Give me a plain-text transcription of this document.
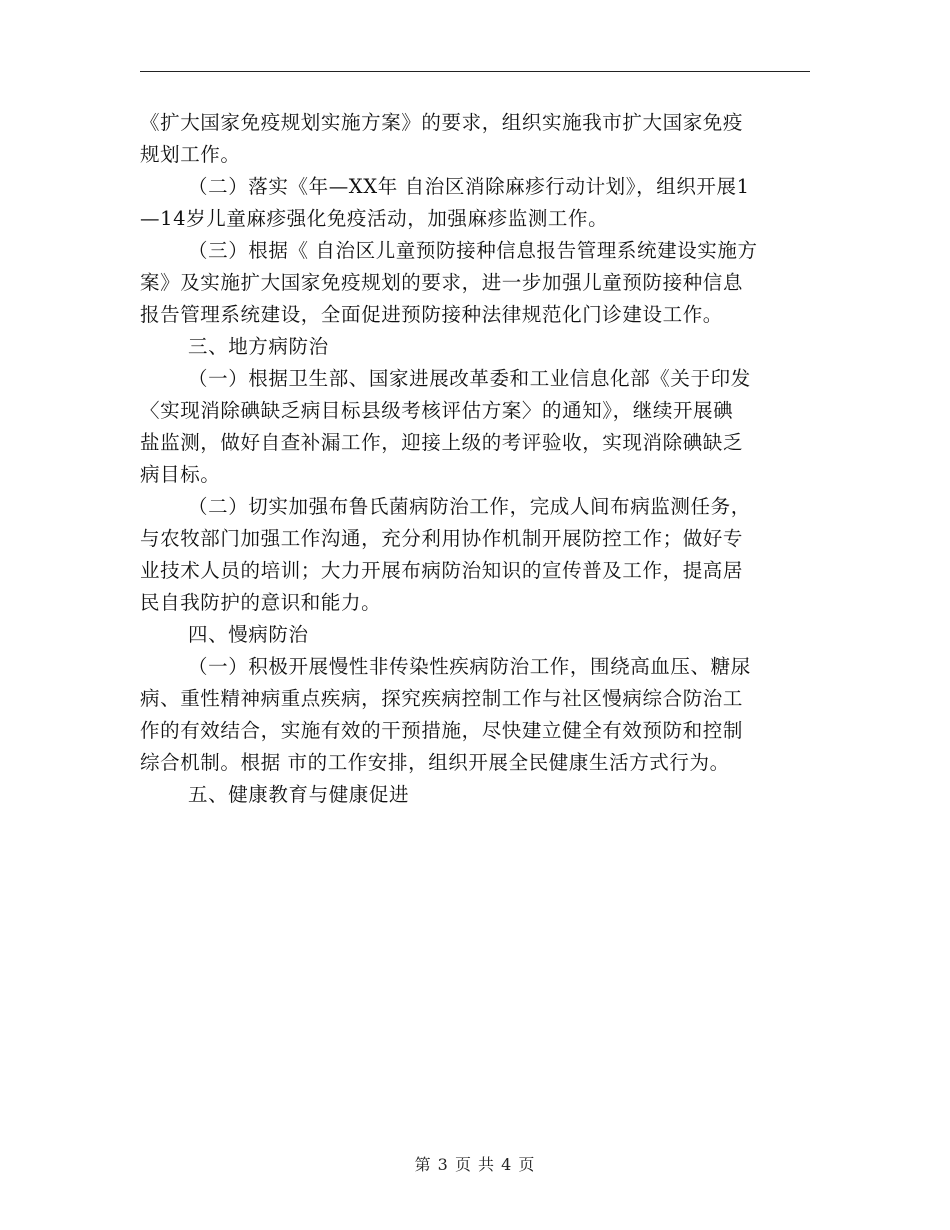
《扩大国家免疫规划实施方案》的要求，组织实施我市扩大国家免疫
规划工作。
（二）落实《年—XX年 自治区消除麻疹行动计划》，组织开展1
—14岁儿童麻疹强化免疫活动，加强麻疹监测工作。
（三）根据《 自治区儿童预防接种信息报告管理系统建设实施方
案》及实施扩大国家免疫规划的要求，进一步加强儿童预防接种信息
报告管理系统建设，全面促进预防接种法律规范化门诊建设工作。
三、地方病防治
（一）根据卫生部、国家进展改革委和工业信息化部《关于印发
〈实现消除碘缺乏病目标县级考核评估方案〉的通知》，继续开展碘
盐监测，做好自查补漏工作，迎接上级的考评验收，实现消除碘缺乏
病目标。
（二）切实加强布鲁氏菌病防治工作，完成人间布病监测任务，
与农牧部门加强工作沟通，充分利用协作机制开展防控工作；做好专
业技术人员的培训；大力开展布病防治知识的宣传普及工作，提高居
民自我防护的意识和能力。
四、慢病防治
（一）积极开展慢性非传染性疾病防治工作，围绕高血压、糖尿
病、重性精神病重点疾病，探究疾病控制工作与社区慢病综合防治工
作的有效结合，实施有效的干预措施，尽快建立健全有效预防和控制
综合机制。根据 市的工作安排，组织开展全民健康生活方式行为。
五、健康教育与健康促进
第 3 页 共 4 页
